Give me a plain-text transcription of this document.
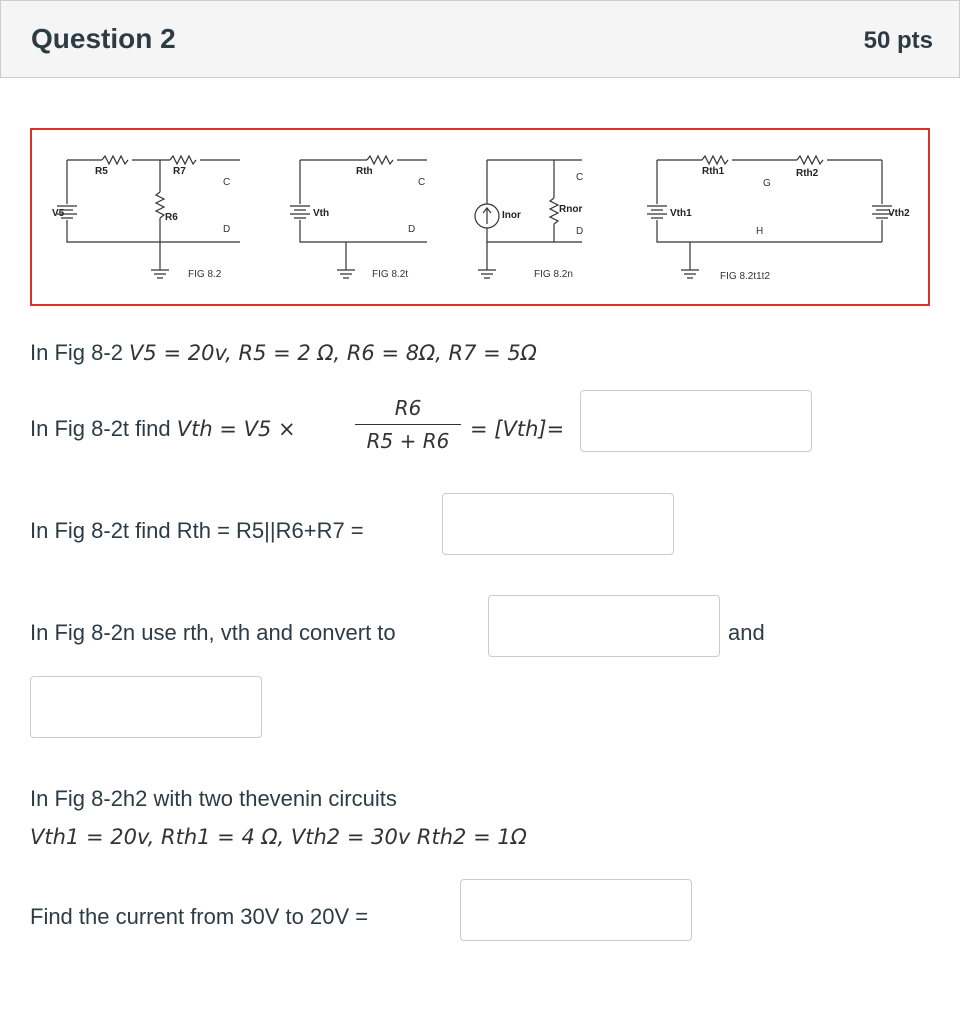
Question 2	50 pts
R5	R7
V5	R6
Rth
Vth	Inor
Rnor
Rth1	Rth2
Vth1	Vth2
C
D
FIG 8.2
C
D
FIG 8.2t
C
D
FIG 8.2n
G
H
FIG 8.2t1t2
In Fig 8-2 V5 = 20v, R5 = 2 Ω, R6 = 8Ω, R7 = 5Ω
In Fig 8-2t find Vth = V5 ×
R6
R5 + R6 = [Vth]=
In Fig 8-2t find Rth = R5||R6+R7 =
In Fig 8-2n use rth, vth and convert to	and
In Fig 8-2h2 with two thevenin circuits
Vth1 = 20v, Rth1 = 4 Ω, Vth2 = 30v Rth2 = 1Ω
Find the current from 30V to 20V =
